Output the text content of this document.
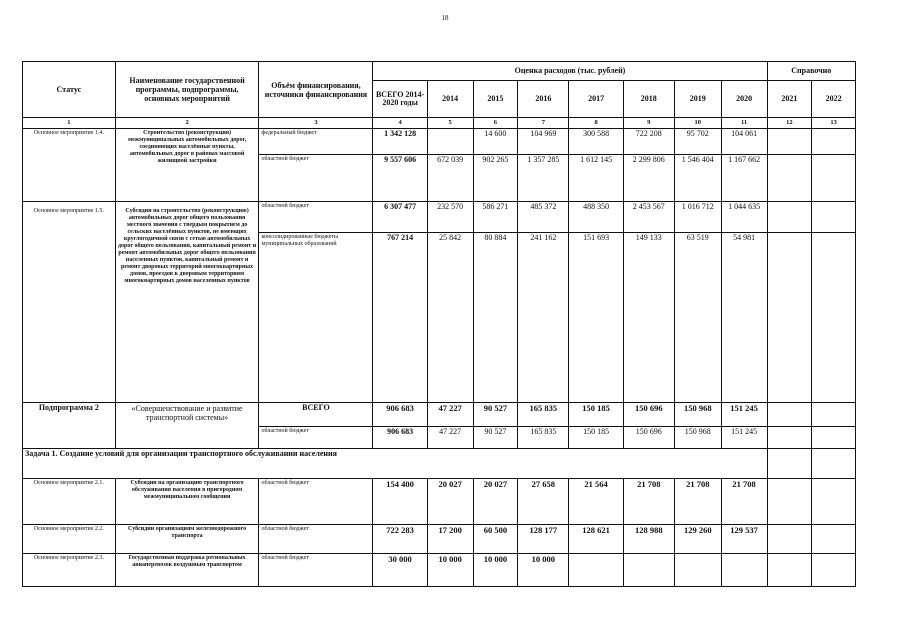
18
Статус	Наименование государственной программы, подпрограммы, основных мероприятий	Объём финансирования, источники финансирования	Оценка расходов (тыс. рублей)								Справочно	
			ВСЕГО 2014-2020 годы	2014	2015	2016	2017	2018	2019	2020	2021	2022
1	2	3	4	5	6	7	8	9	10	11	12	13
Основное мероприятие 1.4.	Строительство (реконструкция) межмуниципальных автомобильных дорог, соединяющих населённые пункты, автомобильных дорог в районах массовой жилищной застройки	федеральный бюджет	1 342 128		14 600	104 969	300 588	722 208	95 702	104 061		
		областной бюджет	9 557 606	672 039	902 265	1 357 285	1 612 145	2 299 806	1 546 404	1 167 662		
Основное мероприятие 1.5.	Субсидии на строительство (реконструкцию) автомобильных дорог общего пользования местного значения с твердым покрытием до сельских населённых пунктов, не имеющих круглогодичной связи с сетью автомобильных дорог общего пользования, капитальный ремонт и ремонт автомобильных дорог общего пользования населенных пунктов, капитальный ремонт и ремонт дворовых территорий многоквартирных домов, проездов к дворовым территориям многоквартирных домов населенных пунктов	областной бюджет	6 307 477	232 570	586 271	485 372	488 350	2 453 567	1 016 712	1 044 635		
		консолидированные бюджеты муниципальных образований	767 214	25 842	80 884	241 162	151 693	149 133	63 519	54 981		
Подпрограмма 2	«Совершенствование и развитие транспортной системы»	ВСЕГО	906 683	47 227	90 527	165 835	150 185	150 696	150 968	151 245		
		областной бюджет	906 683	47 227	90 527	165 835	150 185	150 696	150 968	151 245		
Задача 1. Создание условий для организации транспортного обслуживании населения												
Основное мероприятие 2.1.	Субсидии на организацию транспортного обслуживания населения в пригородном межмуниципальном сообщении	областной бюджет	154 400	20 027	20 027	27 658	21 564	21 708	21 708	21 708		
Основное мероприятие 2.2.	Субсидии организациям железнодорожного транспорта	областной бюджет	722 283	17 200	60 500	128 177	128 621	128 988	129 260	129 537		
Основное мероприятие 2.3.	Государственная поддержка региональных авиаперевозок воздушным транспортом	областной бюджет	30 000	10 000	10 000	10 000						
